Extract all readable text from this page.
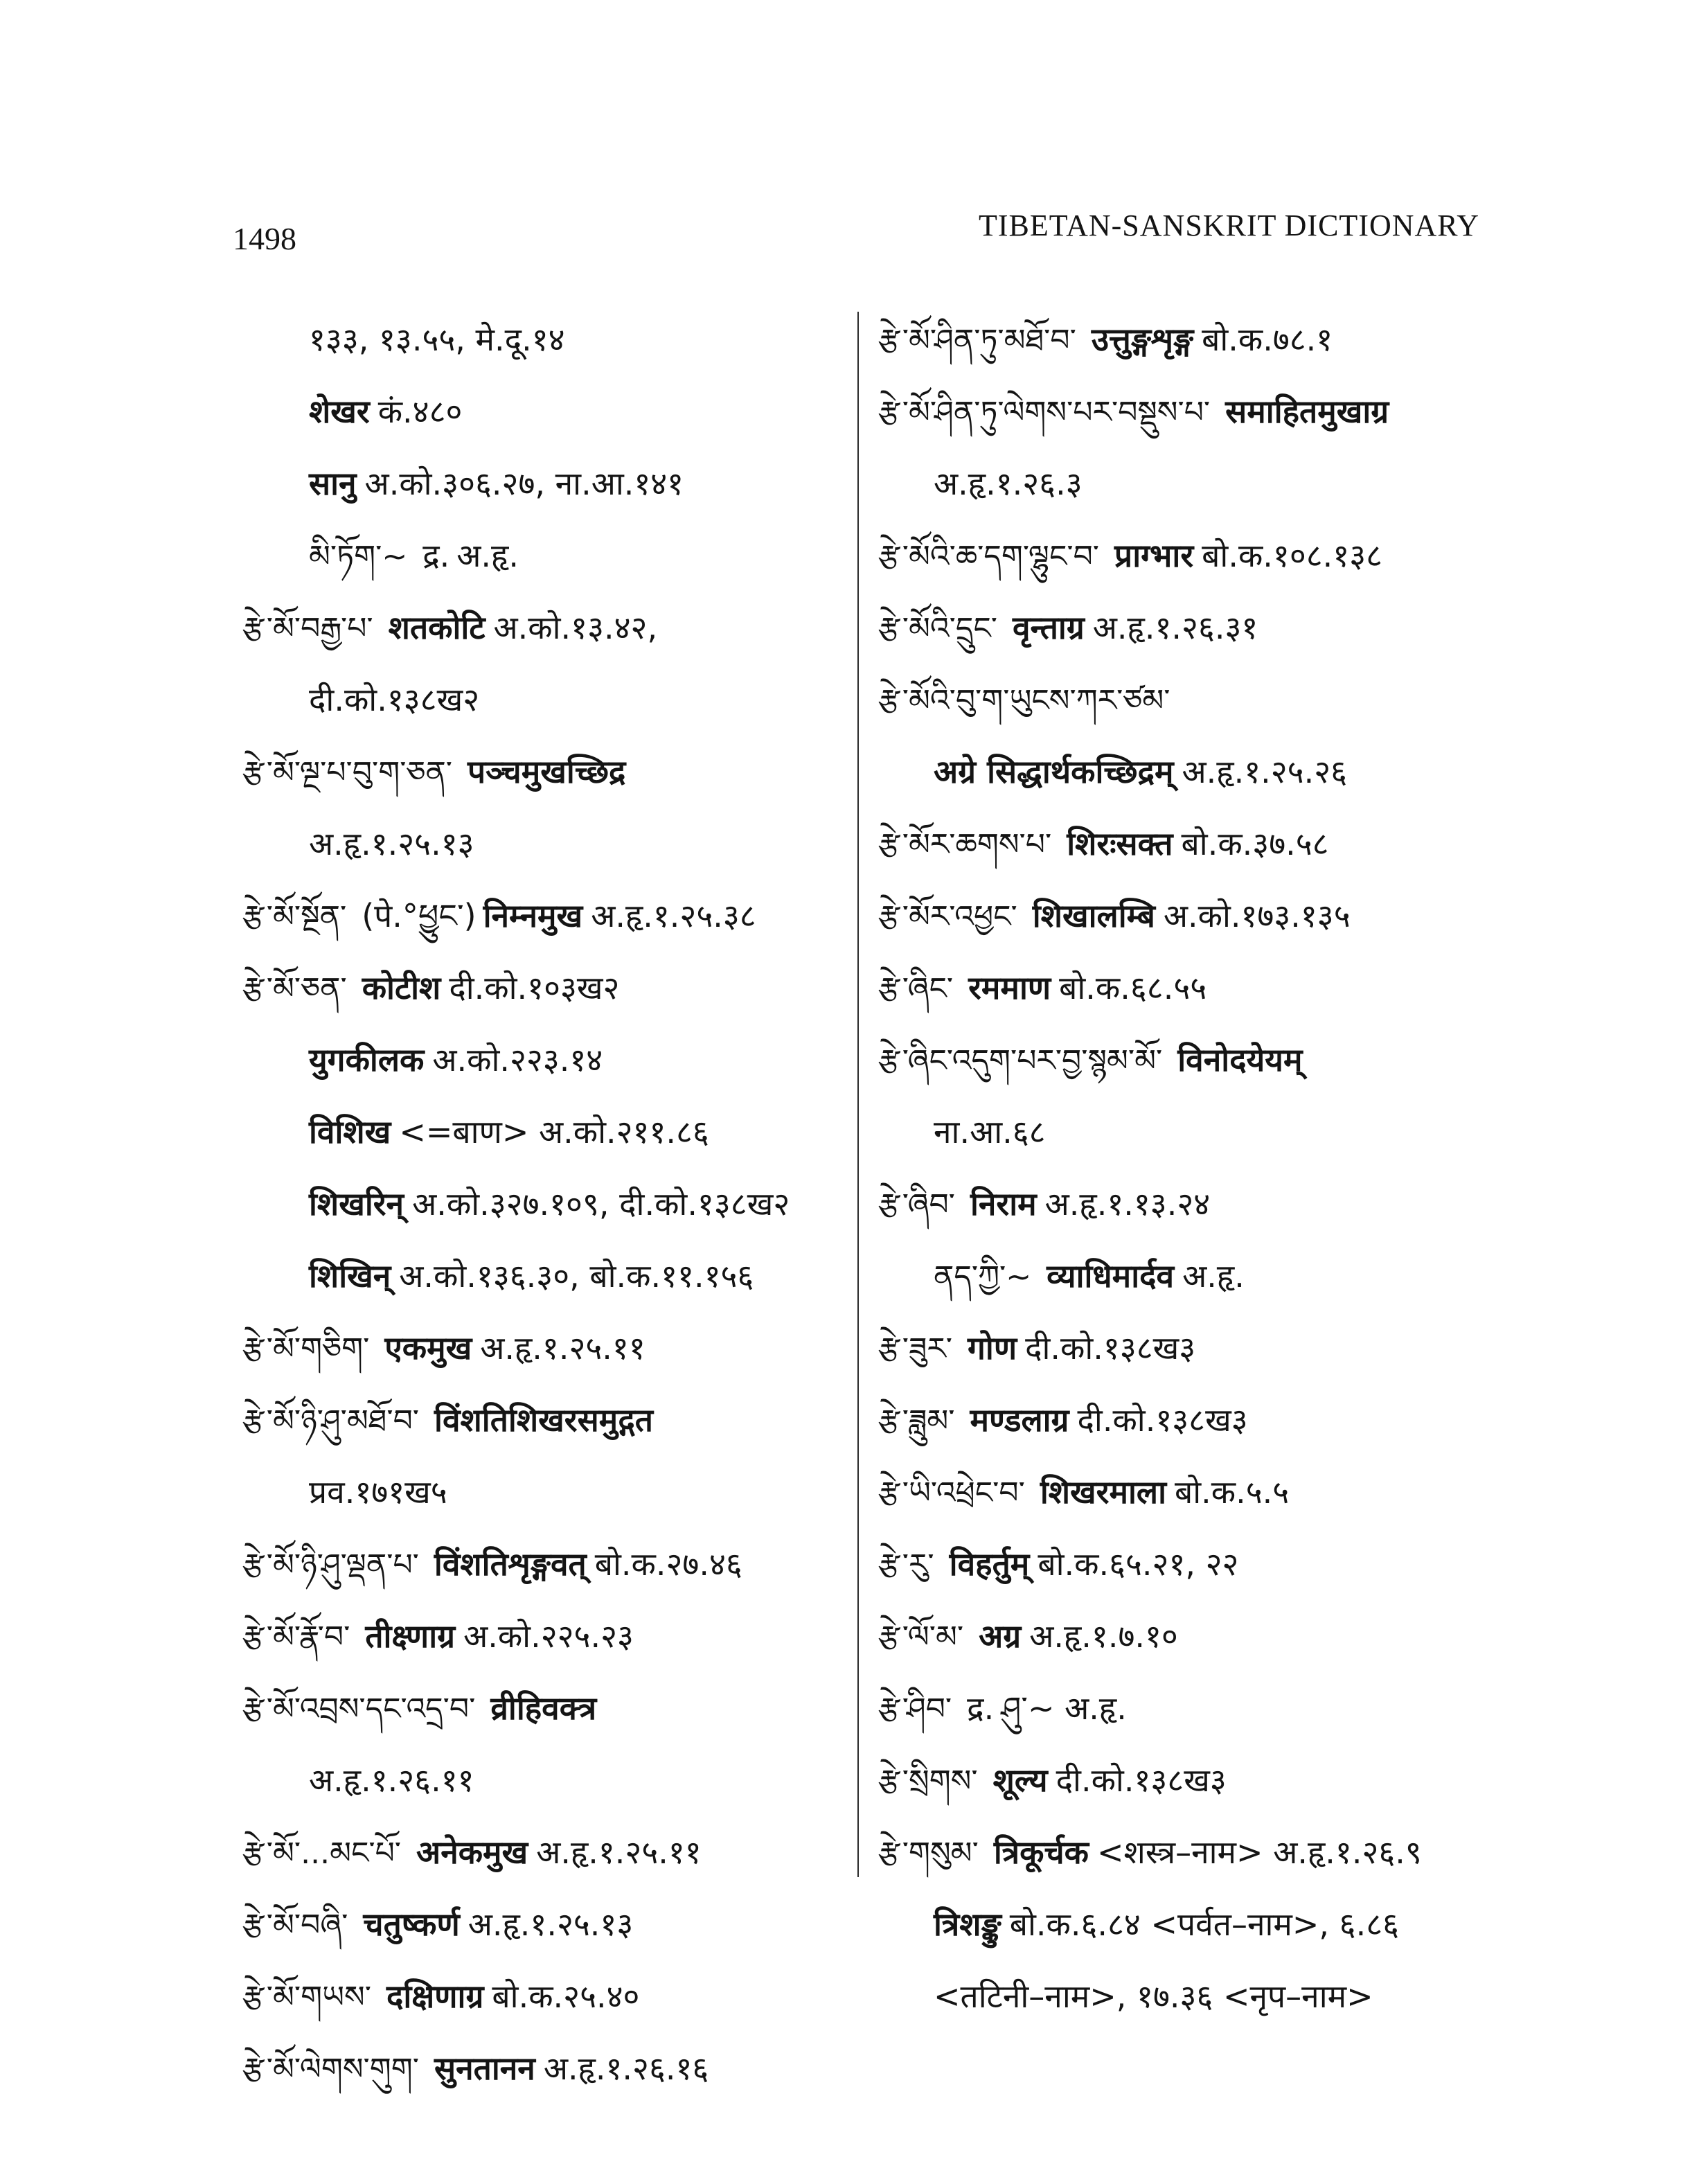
1498	TIBETAN-SANSKRIT DICTIONARY
१३३, १३.५५, मे.दू.१४
शेखर कं.४८०
सानु अ.को.३०६.२७, ना.आ.१४१
མི་ཏོག་~ द्र. अ.हृ.
རྩེ་མོ་བརྒྱ་པ་ शतकोटि अ.को.१३.४२,
दी.को.१३८ख२
རྩེ་མོ་ལྔ་པ་བུ་ག་ཅན་ पञ्चमुखच्छिद्र
अ.हृ.१.२५.१३
རྩེ་མོ་སྔོན་ (पे.°ཕྱུང་) निम्नमुख अ.हृ.१.२५.३८
རྩེ་མོ་ཅན་ कोटीश दी.को.१०३ख२
युगकीलक अ.को.२२३.१४
विशिख <=बाण> अ.को.२११.८६
शिखरिन् अ.को.३२७.१०९, दी.को.१३८ख२
शिखिन् अ.को.१३६.३०, बो.क.११.१५६
རྩེ་མོ་གཅིག་ एकमुख अ.हृ.१.२५.११
རྩེ་མོ་ཉི་ཤུ་མཐོ་བ་ विंशतिशिखरसमुद्गत
प्रव.१७१ख५
རྩེ་མོ་ཉི་ཤུ་ལྡན་པ་ विंशतिशृङ्गवत् बो.क.२७.४६
རྩེ་མོ་རྣོ་བ་ तीक्ष्णाग्र अ.को.२२५.२३
རྩེ་མོ་འབྲས་དང་འདྲ་བ་ व्रीहिवक्त्र
अ.हृ.१.२६.११
རྩེ་མོ་...མང་པོ་ अनेकमुख अ.हृ.१.२५.११
རྩེ་མོ་བཞི་ चतुष्कर्ण अ.हृ.१.२५.१३
རྩེ་མོ་གཡས་ दक्षिणाग्र बो.क.२५.४०
རྩེ་མོ་ལེགས་གུག་ सुनतानन अ.हृ.१.२६.१६
རྩེ་མོ་ཤིན་ཏུ་མཐོ་བ་ उत्तुङ्गशृङ्ग बो.क.७८.१
རྩེ་མོ་ཤིན་ཏུ་ལེགས་པར་བསྡུས་པ་ समाहितमुखाग्र
अ.हृ.१.२६.३
རྩེ་མོའི་ཆ་དག་ལྷུང་བ་ प्राग्भार बो.क.१०८.१३८
རྩེ་མོའི་དྲུང་ वृन्ताग्र अ.हृ.१.२६.३१
རྩེ་མོའི་བུ་ག་ཡུངས་ཀར་ཙམ་
अग्रे सिद्धार्थकच्छिद्रम् अ.हृ.१.२५.२६
རྩེ་མོར་ཆགས་པ་ शिरःसक्त बो.क.३७.५८
རྩེ་མོར་འཕྱང་ शिखालम्बि अ.को.१७३.१३५
རྩེ་ཞིང་ रममाण बो.क.६८.५५
རྩེ་ཞིང་འདུག་པར་བྱ་སྙམ་མོ་ विनोदयेयम्
ना.आ.६८
རྩེ་ཞིབ་ निराम अ.हृ.१.१३.२४
ནད་ཀྱི་~ व्याधिमार्दव अ.हृ.
རྩེ་ཟུར་ गोण दी.को.१३८ख३
རྩེ་ཟླུམ་ मण्डलाग्र दी.को.१३८ख३
རྩེ་ཡི་འཕྲེང་བ་ शिखरमाला बो.क.५.५
རྩེ་རུ་ विहर्तुम् बो.क.६५.२१, २२
རྩེ་ལོ་མ་ अग्र अ.हृ.१.७.१०
རྩེ་ཤིབ་ द्र. ཤུ་~ अ.हृ.
རྩེ་སྲིགས་ शूल्य दी.को.१३८ख३
རྩེ་གསུམ་ त्रिकूर्चक <शस्त्र–नाम> अ.हृ.१.२६.९
त्रिशङ्कु बो.क.६.८४ <पर्वत–नाम>, ६.८६
<तटिनी–नाम>, १७.३६ <नृप–नाम>
